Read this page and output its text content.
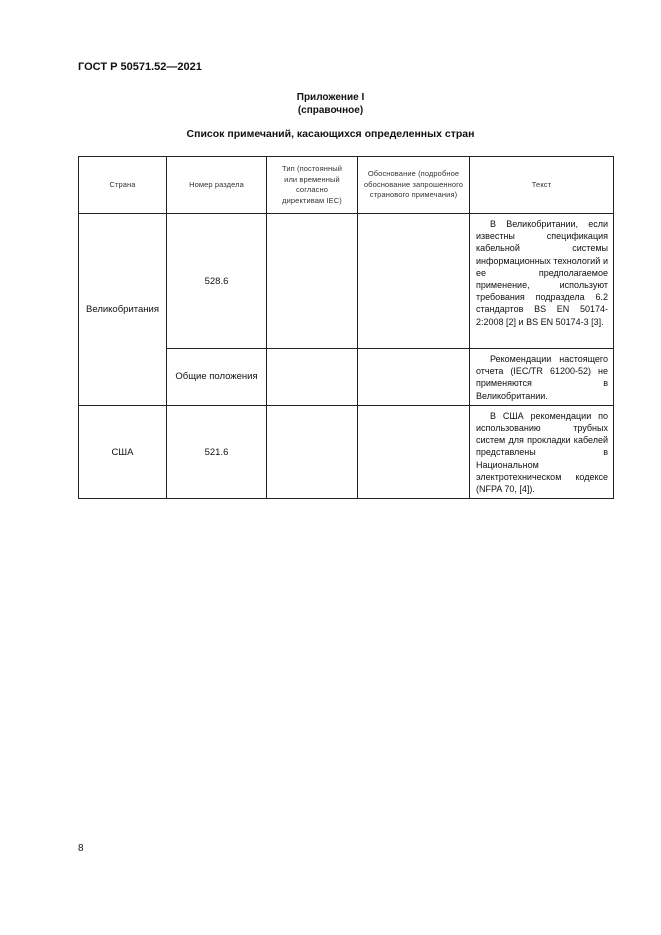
ГОСТ Р 50571.52—2021
Приложение I
(справочное)
Список примечаний, касающихся определенных стран
Страна	Номер раздела	Тип (постоянный или временный согласно директивам IEC)	Обоснование (подробное обоснование запрошенного странового примечания)	Текст
Великобритания	528.6			В Великобритании, если известны спецификация кабельной системы информационных технологий и ее предполагаемое применение, используют требования подраздела 6.2 стандартов BS EN 50174-2:2008 [2] и BS EN 50174-3 [3].
	Общие положения			Рекомендации настоящего отчета (IEC/TR 61200-52) не применяются в Великобритании.
США	521.6			В США рекомендации по использованию трубных систем для прокладки кабелей представлены в Национальном электротехническом кодексе (NFPA 70, [4]).
8
